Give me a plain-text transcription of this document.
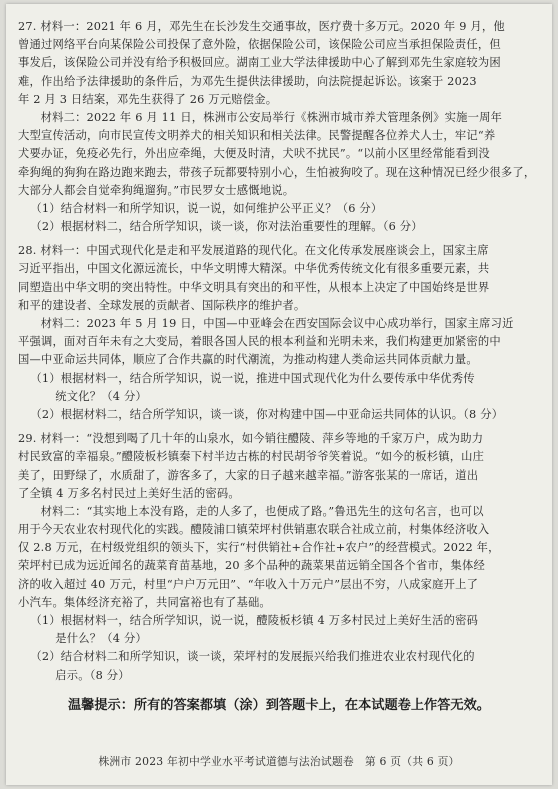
27. 材料一：2021 年 6 月，邓先生在长沙发生交通事故，医疗费十多万元。2020 年 9 月，他
曾通过网络平台向某保险公司投保了意外险，依据保险公司，该保险公司应当承担保险责任，但
事发后，该保险公司并没有给予积极回应。湖南工业大学法律援助中心了解到邓先生家庭较为困
难，作出给予法律援助的条件后，为邓先生提供法律援助，向法院提起诉讼。该案于 2023
年 2 月 3 日结案，邓先生获得了 26 万元赔偿金。
材料二：2022 年 6 月 11 日，株洲市公安局举行《株洲市城市养犬管理条例》实施一周年
大型宣传活动，向市民宣传文明养犬的相关知识和相关法律。民警提醒各位养犬人士，牢记“养
犬要办证，免疫必先行，外出应牵绳，大便及时清，犬吠不扰民”。“以前小区里经常能看到没
牵狗绳的狗狗在路边跑来跑去，带孩子玩都要特别小心，生怕被狗咬了。现在这种情况已经少很多了，
大部分人都会自觉牵狗绳遛狗。”市民罗女士感慨地说。
（1）结合材料一和所学知识，说一说，如何维护公平正义？（6 分）
（2）根据材料二，结合所学知识，谈一谈，你对法治重要性的理解。（6 分）
28. 材料一：中国式现代化是走和平发展道路的现代化。在文化传承发展座谈会上，国家主席
习近平指出，中国文化源远流长，中华文明博大精深。中华优秀传统文化有很多重要元素，共
同塑造出中华文明的突出特性。中华文明具有突出的和平性，从根本上决定了中国始终是世界
和平的建设者、全球发展的贡献者、国际秩序的维护者。
材料二：2023 年 5 月 19 日，中国—中亚峰会在西安国际会议中心成功举行，国家主席习近
平强调，面对百年未有之大变局，着眼各国人民的根本利益和光明未来，我们构建更加紧密的中
国—中亚命运共同体，顺应了合作共赢的时代潮流，为推动构建人类命运共同体贡献力量。
（1）根据材料一，结合所学知识，说一说，推进中国式现代化为什么要传承中华优秀传
统文化？（4 分）
（2）根据材料二，结合所学知识，谈一谈，你对构建中国—中亚命运共同体的认识。（8 分）
29. 材料一：“没想到喝了几十年的山泉水，如今销往醴陵、萍乡等地的千家万户，成为助力
村民致富的幸福泉。”醴陵板杉镇秦下村半边古栋的村民胡爷爷笑着说。“如今的板杉镇，山庄
美了，田野绿了，水质甜了，游客多了，大家的日子越来越幸福。”游客张某的一席话，道出
了全镇 4 万多名村民过上美好生活的密码。
材料二：“其实地上本没有路，走的人多了，也便成了路。”鲁迅先生的这句名言，也可以
用于今天农业农村现代化的实践。醴陵浦口镇荣坪村供销惠农联合社成立前，村集体经济收入
仅 2.8 万元，在村级党组织的领头下，实行“村供销社+合作社+农户”的经营模式。2022 年，
荣坪村已成为远近闻名的蔬菜育苗基地，20 多个品种的蔬菜果苗远销全国各个省市，集体经
济的收入超过 40 万元，村里“户户万元田”、“年收入十万元户”层出不穷，八成家庭开上了
小汽车。集体经济充裕了，共同富裕也有了基础。
（1）根据材料一，结合所学知识，说一说，醴陵板杉镇 4 万多村民过上美好生活的密码
是什么？（4 分）
（2）结合材料二和所学知识，谈一谈，荣坪村的发展振兴给我们推进农业农村现代化的
启示。（8 分）
温馨提示：所有的答案都填（涂）到答题卡上，在本试题卷上作答无效。
株洲市 2023 年初中学业水平考试道德与法治试题卷　第 6 页（共 6 页）
